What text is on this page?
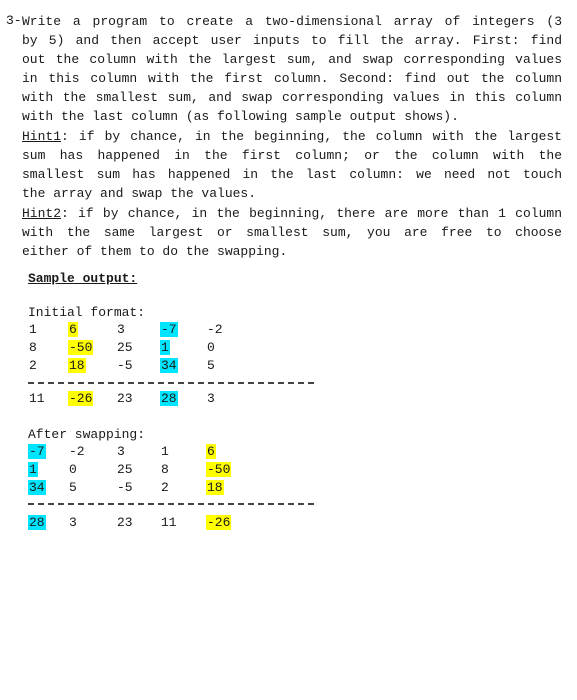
3- Write a program to create a two-dimensional array of integers (3
by 5) and then accept user inputs to fill the array. First: find
out the column with the largest sum, and swap corresponding values
in this column with the first column. Second: find out the column
with the smallest sum, and swap corresponding values in this column
with the last column (as following sample output shows).
Hint1: if by chance, in the beginning, the column with the largest
sum has happened in the first column; or the column with the
smallest sum has happened in the last column: we need not touch
the array and swap the values.
Hint2: if by chance, in the beginning, there are more than 1 column
with the same largest or smallest sum, you are free to choose
either of them to do the swapping.
Sample output:
Initial format:
1 6	3	-7 -2
8 -50 25 1	0
2 18 -5 34 5
11 -26 23 28 3
After swapping:
-7 -2 3	1	6
1 0	25 8	-50
34 5	-5 2	18
28 3	23 11 -26
